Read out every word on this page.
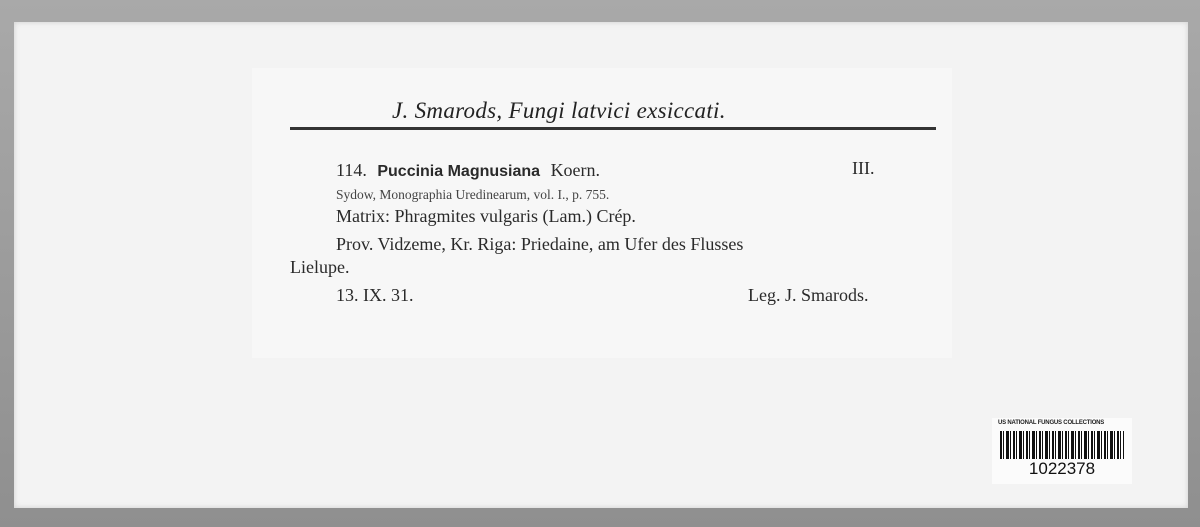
J. Smarods, Fungi latvici exsiccati.
114. Puccinia Magnusiana Koern.	III.
Sydow, Monographia Uredinearum, vol. I., p. 755.
Matrix: Phragmites vulgaris (Lam.) Crép.
Prov. Vidzeme, Kr. Riga: Priedaine, am Ufer des Flusses
Lielupe.
13. IX. 31.	Leg. J. Smarods.
US NATIONAL FUNGUS COLLECTIONS
1022378
